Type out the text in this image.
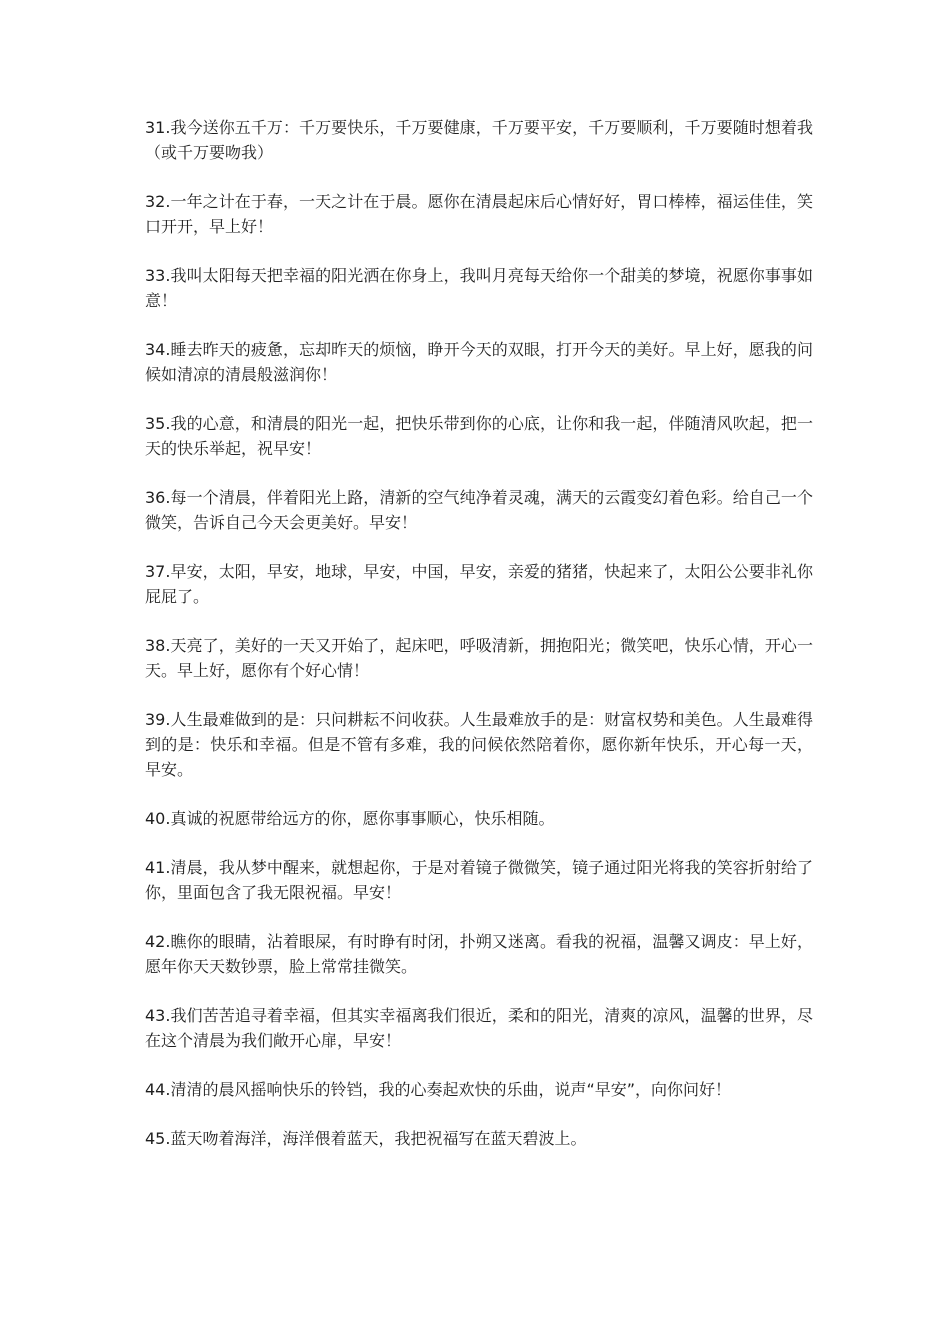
31.我今送你五千万：千万要快乐，千万要健康，千万要平安，千万要顺利，千万要随时想着我（或千万要吻我）

32.一年之计在于春，一天之计在于晨。愿你在清晨起床后心情好好，胃口棒棒，福运佳佳，笑口开开，早上好！

33.我叫太阳每天把幸福的阳光洒在你身上，我叫月亮每天给你一个甜美的梦境，祝愿你事事如意！

34.睡去昨天的疲惫，忘却昨天的烦恼，睁开今天的双眼，打开今天的美好。早上好，愿我的问候如清凉的清晨般滋润你！

35.我的心意，和清晨的阳光一起，把快乐带到你的心底，让你和我一起，伴随清风吹起，把一天的快乐举起，祝早安！

36.每一个清晨，伴着阳光上路，清新的空气纯净着灵魂，满天的云霞变幻着色彩。给自己一个微笑，告诉自己今天会更美好。早安！

37.早安，太阳，早安，地球，早安，中国，早安，亲爱的猪猪，快起来了，太阳公公要非礼你屁屁了。

38.天亮了，美好的一天又开始了，起床吧，呼吸清新，拥抱阳光；微笑吧，快乐心情，开心一天。早上好，愿你有个好心情！

39.人生最难做到的是：只问耕耘不问收获。人生最难放手的是：财富权势和美色。人生最难得到的是：快乐和幸福。但是不管有多难，我的问候依然陪着你，愿你新年快乐，开心每一天，早安。

40.真诚的祝愿带给远方的你，愿你事事顺心，快乐相随。

41.清晨，我从梦中醒来，就想起你，于是对着镜子微微笑，镜子通过阳光将我的笑容折射给了你，里面包含了我无限祝福。早安！

42.瞧你的眼睛，沾着眼屎，有时睁有时闭，扑朔又迷离。看我的祝福，温馨又调皮：早上好，愿年你天天数钞票，脸上常常挂微笑。

43.我们苦苦追寻着幸福，但其实幸福离我们很近，柔和的阳光，清爽的凉风，温馨的世界，尽在这个清晨为我们敞开心扉，早安！

44.清清的晨风摇响快乐的铃铛，我的心奏起欢快的乐曲，说声“早安”，向你问好！

45.蓝天吻着海洋，海洋偎着蓝天，我把祝福写在蓝天碧波上。
